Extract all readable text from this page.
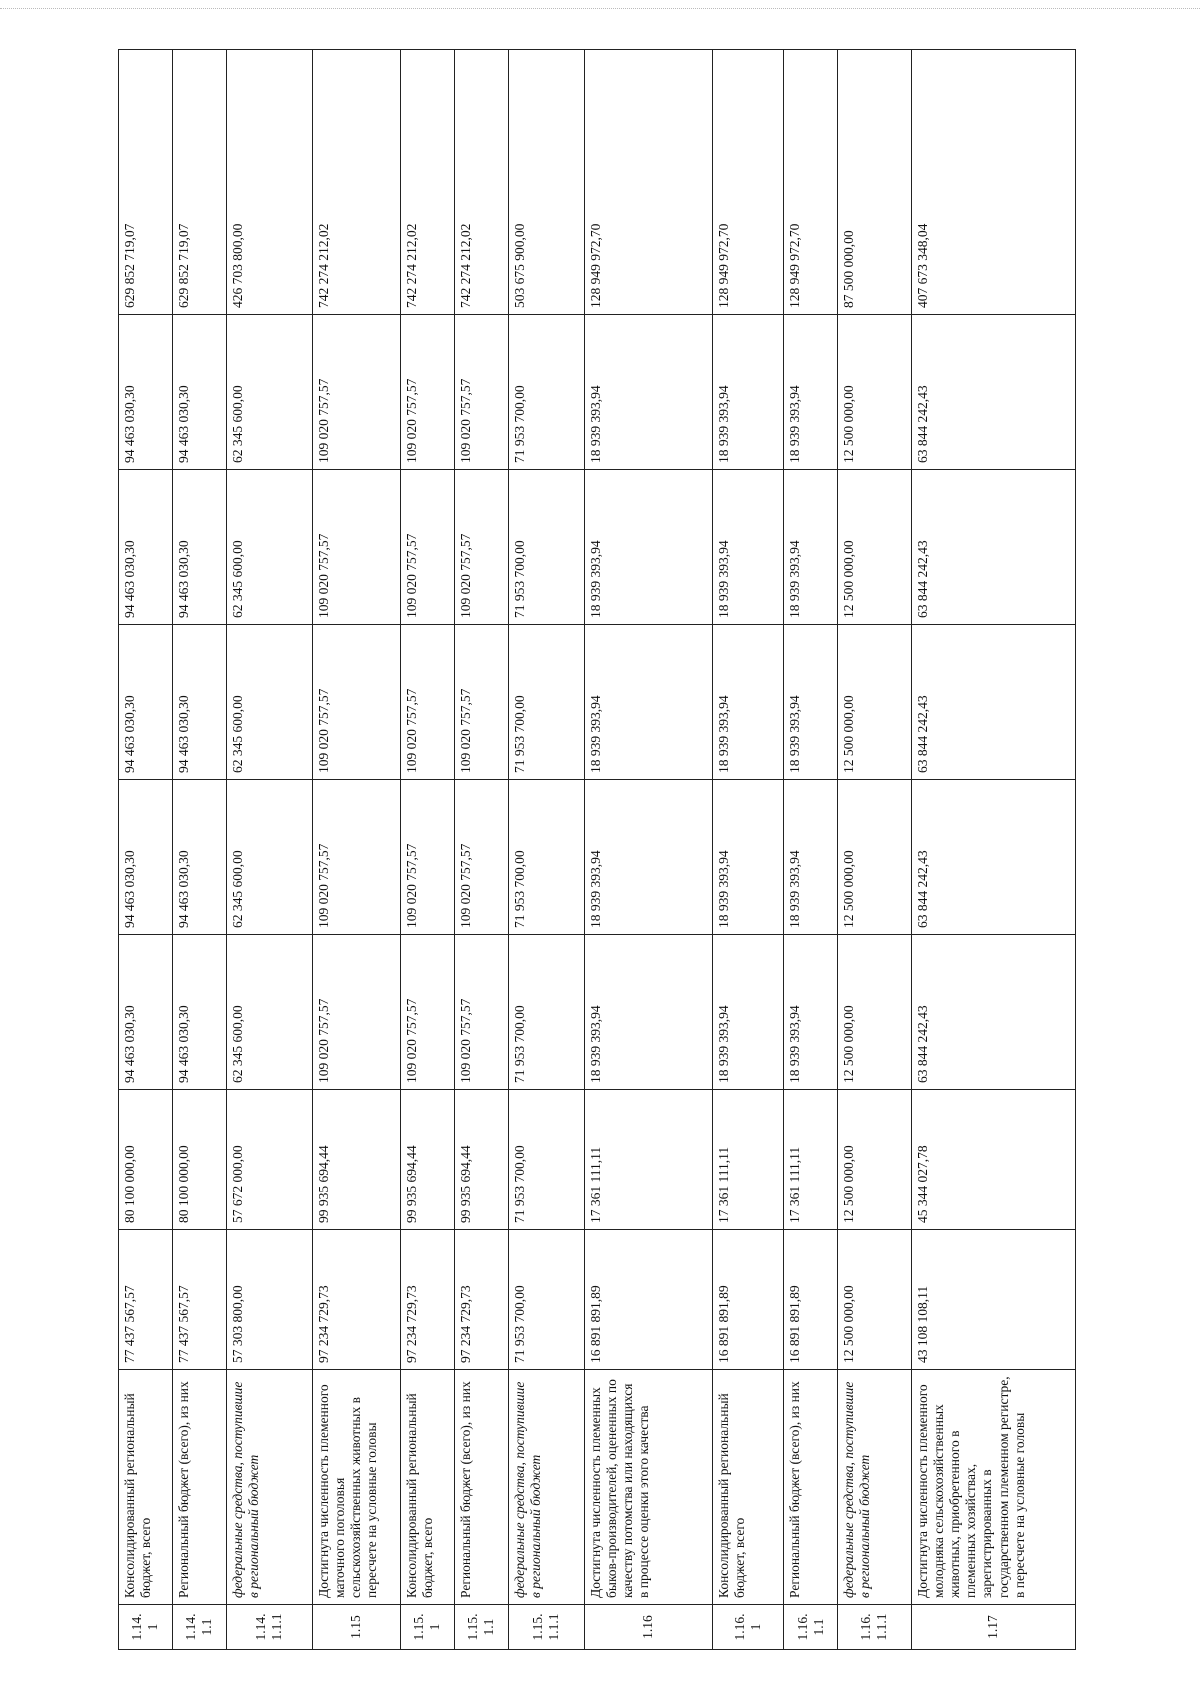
1.14.1	Консолидированный региональный бюджет, всего	77 437 567,57	80 100 000,00	94 463 030,30	94 463 030,30	94 463 030,30	94 463 030,30	94 463 030,30	629 852 719,07
1.14.1.1	Региональный бюджет (всего), из них	77 437 567,57	80 100 000,00	94 463 030,30	94 463 030,30	94 463 030,30	94 463 030,30	94 463 030,30	629 852 719,07
1.14.1.1.1	федеральные средства, поступившие в региональный бюджет	57 303 800,00	57 672 000,00	62 345 600,00	62 345 600,00	62 345 600,00	62 345 600,00	62 345 600,00	426 703 800,00
1.15	Достигнута численность племенного маточного поголовья сельскохозяйственных животных в пересчете на условные головы	97 234 729,73	99 935 694,44	109 020 757,57	109 020 757,57	109 020 757,57	109 020 757,57	109 020 757,57	742 274 212,02
1.15.1	Консолидированный региональный бюджет, всего	97 234 729,73	99 935 694,44	109 020 757,57	109 020 757,57	109 020 757,57	109 020 757,57	109 020 757,57	742 274 212,02
1.15.1.1	Региональный бюджет (всего), из них	97 234 729,73	99 935 694,44	109 020 757,57	109 020 757,57	109 020 757,57	109 020 757,57	109 020 757,57	742 274 212,02
1.15.1.1.1	федеральные средства, поступившие в региональный бюджет	71 953 700,00	71 953 700,00	71 953 700,00	71 953 700,00	71 953 700,00	71 953 700,00	71 953 700,00	503 675 900,00
1.16	Достигнута численность племенных быков-производителей, оцененных по качеству потомства или находящихся в процессе оценки этого качества	16 891 891,89	17 361 111,11	18 939 393,94	18 939 393,94	18 939 393,94	18 939 393,94	18 939 393,94	128 949 972,70
1.16.1	Консолидированный региональный бюджет, всего	16 891 891,89	17 361 111,11	18 939 393,94	18 939 393,94	18 939 393,94	18 939 393,94	18 939 393,94	128 949 972,70
1.16.1.1	Региональный бюджет (всего), из них	16 891 891,89	17 361 111,11	18 939 393,94	18 939 393,94	18 939 393,94	18 939 393,94	18 939 393,94	128 949 972,70
1.16.1.1.1	федеральные средства, поступившие в региональный бюджет	12 500 000,00	12 500 000,00	12 500 000,00	12 500 000,00	12 500 000,00	12 500 000,00	12 500 000,00	87 500 000,00
1.17	Достигнута численность племенного молодняка сельскохозяйственных животных, приобретенного в племенных хозяйствах, зарегистрированных в государственном племенном регистре, в пересчете на условные головы	43 108 108,11	45 344 027,78	63 844 242,43	63 844 242,43	63 844 242,43	63 844 242,43	63 844 242,43	407 673 348,04
